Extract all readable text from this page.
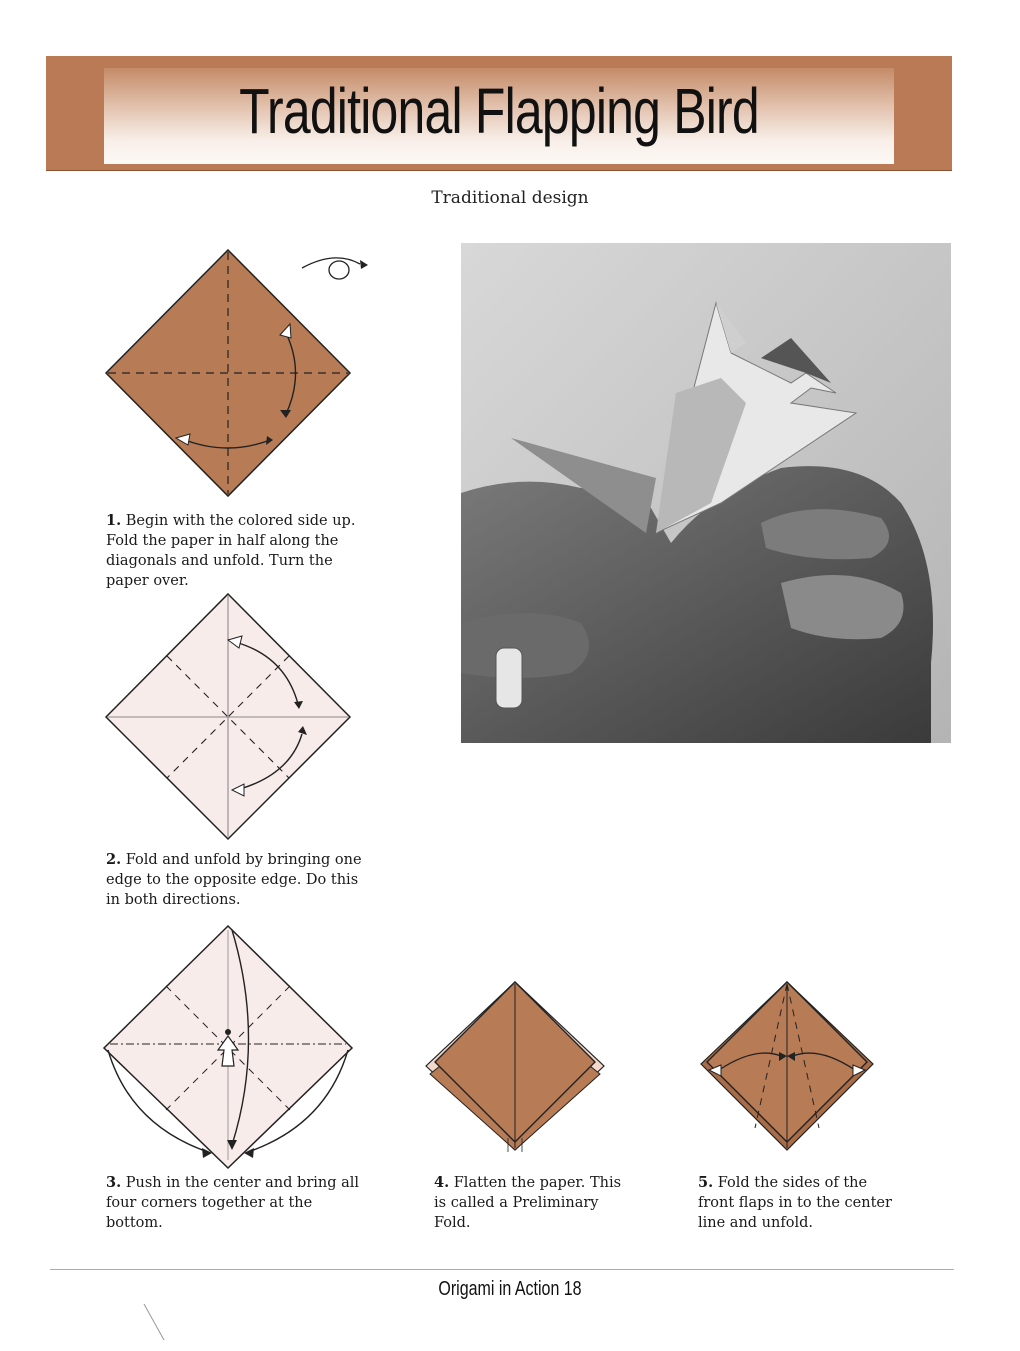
Traditional Flapping Bird
Traditional design
1. Begin with the colored side up. Fold the paper in half along the diagonals and unfold. Turn the paper over.
2. Fold and unfold by bringing one edge to the opposite edge. Do this in both directions.
3. Push in the center and bring all four corners together at the bottom.
4. Flatten the paper. This is called a Preliminary Fold.
5. Fold the sides of the front flaps in to the center line and unfold.
Origami in Action 18
